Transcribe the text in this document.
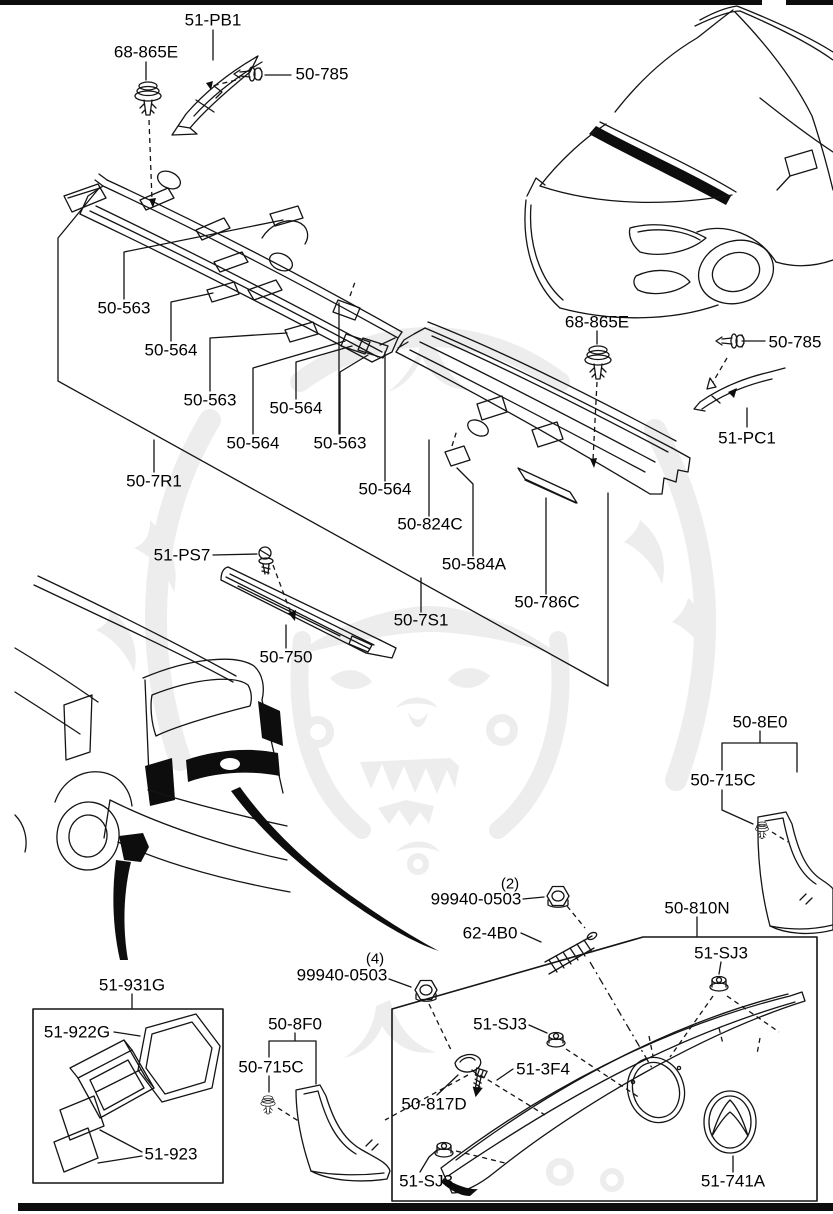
51-PB1
68-865E
50-785
50-563
50-564
50-563
50-564
50-564
50-563
50-7R1	50-564
50-824C
50-584A
50-786C
50-7S1
68-865E
50-785
51-PC1
51-PS7
50-750
51-931G
51-922G
51-923
(2)
99940-0503
62-4B0
(4)
99940-0503
50-8F0
50-715C
51-SJ3
50-8E0
50-715C
50-810N
51-SJ3
51-3F4
50-817D
51-SJ3	51-741A
